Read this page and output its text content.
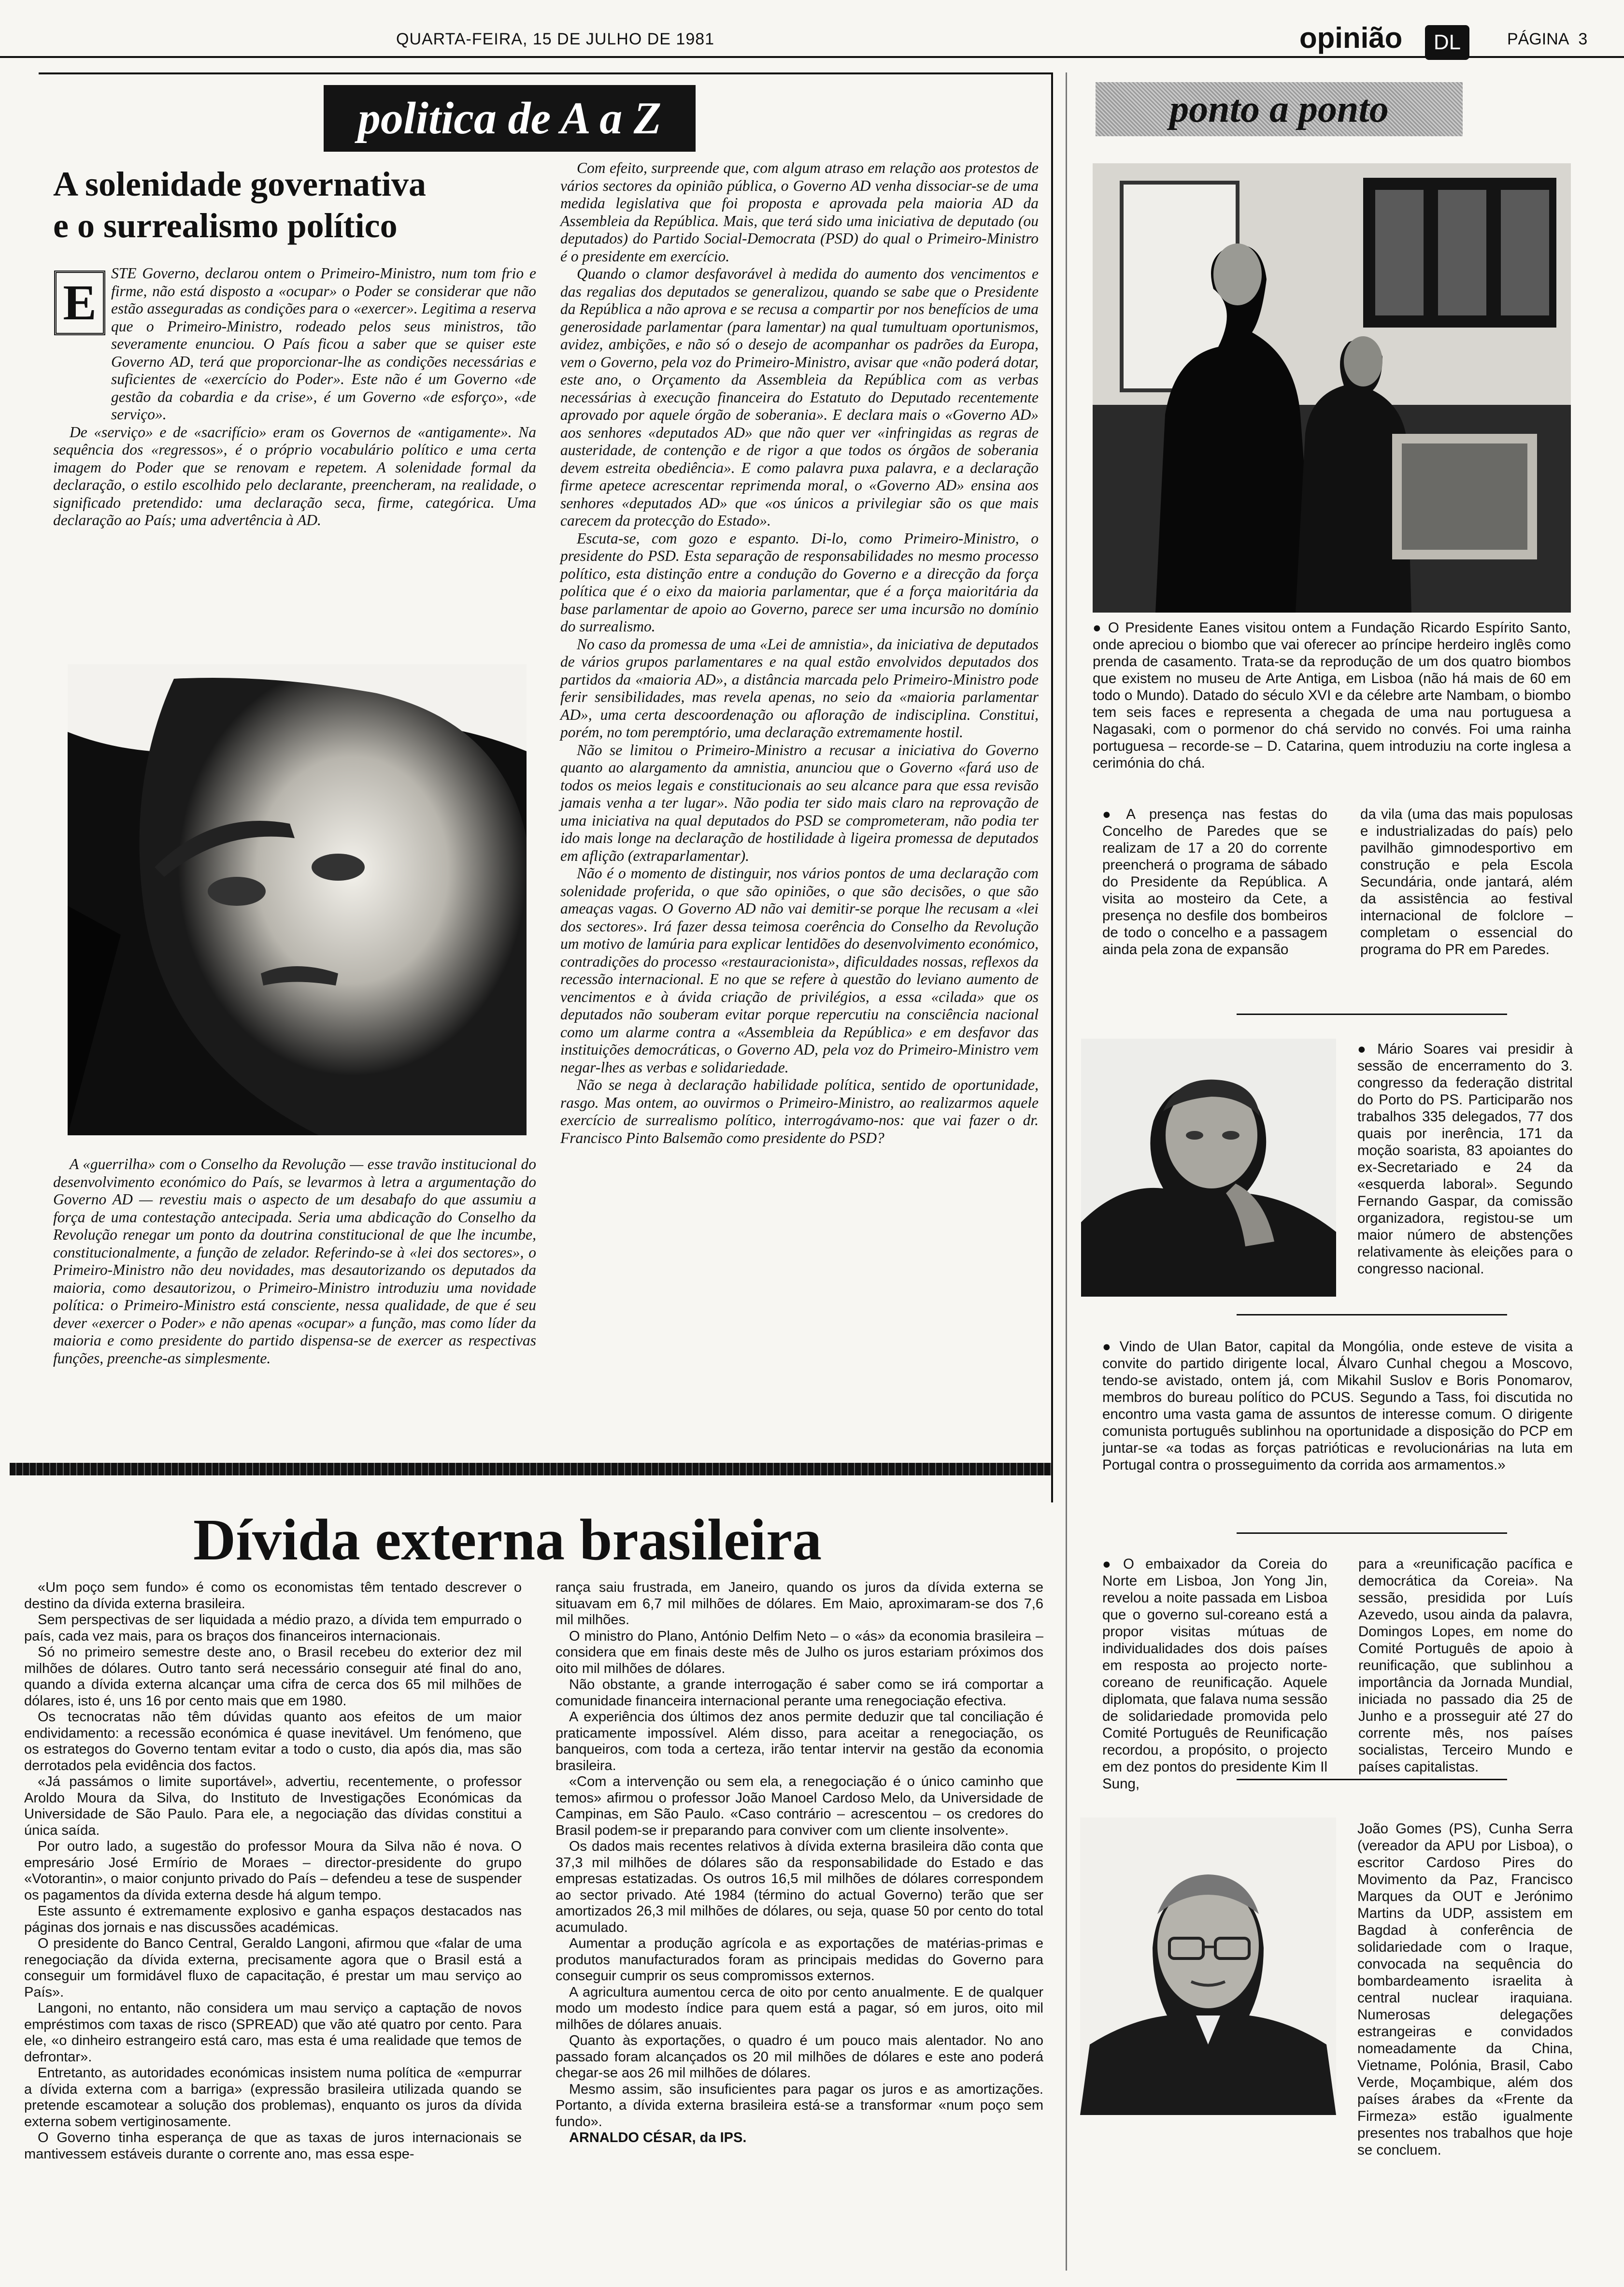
QUARTA-FEIRA, 15 DE JULHO DE 1981	opinião	DL	PÁGINA 3
politica de A a Z
A solenidade governativa
e o surrealismo político
E

STE Governo, declarou ontem o Primeiro-Ministro, num tom frio e firme, não está disposto a «ocupar» o Poder se considerar que não estão asseguradas as condições para o «exercer». Legitima a reserva que o Primeiro-Ministro, rodeado pelos seus ministros, tão severamente enunciou. O País ficou a saber que se quiser este Governo AD, terá que proporcionar-lhe as condições necessárias e suficientes de «exercício do Poder». Este não é um Governo «de gestão da cobardia e da crise», é um Governo «de esforço», «de serviço».

De «serviço» e de «sacrifício» eram os Governos de «antigamente». Na sequência dos «regressos», é o próprio vocabulário político e uma certa imagem do Poder que se renovam e repetem. A solenidade formal da declaração, o estilo escolhido pelo declarante, preencheram, na realidade, o significado pretendido: uma declaração seca, firme, categórica. Uma declaração ao País; uma advertência à AD.

A «guerrilha» com o Conselho da Revolução — esse travão institucional do desenvolvimento económico do País, se levarmos à letra a argumentação do Governo AD — revestiu mais o aspecto de um desabafo do que assumiu a força de uma contestação antecipada. Seria uma abdicação do Conselho da Revolução renegar um ponto da doutrina constitucional de que lhe incumbe, constitucionalmente, a função de zelador. Referindo-se à «lei dos sectores», o Primeiro-Ministro não deu novidades, mas desautorizando os deputados da maioria, como desautorizou, o Primeiro-Ministro introduziu uma novidade política: o Primeiro-Ministro está consciente, nessa qualidade, de que é seu dever «exercer o Poder» e não apenas «ocupar» a função, mas como líder da maioria e como presidente do partido dispensa-se de exercer as respectivas funções, preenche-as simplesmente.

Com efeito, surpreende que, com algum atraso em relação aos protestos de vários sectores da opinião pública, o Governo AD venha dissociar-se de uma medida legislativa que foi proposta e aprovada pela maioria AD da Assembleia da República. Mais, que terá sido uma iniciativa de deputado (ou deputados) do Partido Social-Democrata (PSD) do qual o Primeiro-Ministro é o presidente em exercício.

Quando o clamor desfavorável à medida do aumento dos vencimentos e das regalias dos deputados se generalizou, quando se sabe que o Presidente da República a não aprova e se recusa a compartir por nos benefícios de uma generosidade parlamentar (para lamentar) na qual tumultuam oportunismos, avidez, ambições, e não só o desejo de acompanhar os padrões da Europa, vem o Governo, pela voz do Primeiro-Ministro, avisar que «não poderá dotar, este ano, o Orçamento da Assembleia da República com as verbas necessárias à execução financeira do Estatuto do Deputado recentemente aprovado por aquele órgão de soberania». E declara mais o «Governo AD» aos senhores «deputados AD» que não quer ver «infringidas as regras de austeridade, de contenção e de rigor a que todos os órgãos de soberania devem estreita obediência». E como palavra puxa palavra, e a declaração firme apetece acrescentar reprimenda moral, o «Governo AD» ensina aos senhores «deputados AD» que «os únicos a privilegiar são os que mais carecem da protecção do Estado».

Escuta-se, com gozo e espanto. Di-lo, como Primeiro-Ministro, o presidente do PSD. Esta separação de responsabilidades no mesmo processo político, esta distinção entre a condução do Governo e a direcção da força política que é o eixo da maioria parlamentar, que é a força maioritária da base parlamentar de apoio ao Governo, parece ser uma incursão no domínio do surrealismo.

No caso da promessa de uma «Lei de amnistia», da iniciativa de deputados de vários grupos parlamentares e na qual estão envolvidos deputados dos partidos da «maioria AD», a distância marcada pelo Primeiro-Ministro pode ferir sensibilidades, mas revela apenas, no seio da «maioria parlamentar AD», uma certa descoordenação ou afloração de indisciplina. Constitui, porém, no tom peremptório, uma declaração extremamente hostil.

Não se limitou o Primeiro-Ministro a recusar a iniciativa do Governo quanto ao alargamento da amnistia, anunciou que o Governo «fará uso de todos os meios legais e constitucionais ao seu alcance para que essa revisão jamais venha a ter lugar». Não podia ter sido mais claro na reprovação de uma iniciativa na qual deputados do PSD se comprometeram, não podia ter ido mais longe na declaração de hostilidade à ligeira promessa de deputados em aflição (extraparlamentar).

Não é o momento de distinguir, nos vários pontos de uma declaração com solenidade proferida, o que são opiniões, o que são decisões, o que são ameaças vagas. O Governo AD não vai demitir-se porque lhe recusam a «lei dos sectores». Irá fazer dessa teimosa coerência do Conselho da Revolução um motivo de lamúria para explicar lentidões do desenvolvimento económico, contradições do processo «restauracionista», dificuldades nossas, reflexos da recessão internacional. E no que se refere à questão do leviano aumento de vencimentos e à ávida criação de privilégios, a essa «cilada» que os deputados não souberam evitar porque repercutiu na consciência nacional como um alarme contra a «Assembleia da República» e em desfavor das instituições democráticas, o Governo AD, pela voz do Primeiro-Ministro vem negar-lhes as verbas e solidariedade.

Não se nega à declaração habilidade política, sentido de oportunidade, rasgo. Mas ontem, ao ouvirmos o Primeiro-Ministro, ao realizarmos aquele exercício de surrealismo político, interrogávamo-nos: que vai fazer o dr. Francisco Pinto Balsemão como presidente do PSD?

ponto a ponto

● O Presidente Eanes visitou ontem a Fundação Ricardo Espírito Santo, onde apreciou o biombo que vai oferecer ao príncipe herdeiro inglês como prenda de casamento. Trata-se da reprodução de um dos quatro biombos que existem no museu de Arte Antiga, em Lisboa (não há mais de 60 em todo o Mundo). Datado do século XVI e da célebre arte Nambam, o biombo tem seis faces e representa a chegada de uma nau portuguesa a Nagasaki, com o pormenor do chá servido no convés. Foi uma rainha portuguesa – recorde-se – D. Catarina, quem introduziu na corte inglesa a cerimónia do chá.

● A presença nas festas do Concelho de Paredes que se realizam de 17 a 20 do corrente preencherá o programa de sábado do Presidente da República. A visita ao mosteiro da Cete, a presença no desfile dos bombeiros de todo o concelho e a passagem ainda pela zona de expansão

da vila (uma das mais populosas e industrializadas do país) pelo pavilhão gimnodesportivo em construção e pela Escola Secundária, onde jantará, além da assistência ao festival internacional de folclore – completam o essencial do programa do PR em Paredes.

● Mário Soares vai presidir à sessão de encerramento do 3. congresso da federação distrital do Porto do PS. Participarão nos trabalhos 335 delegados, 77 dos quais por inerência, 171 da moção soarista, 83 apoiantes do ex-Secretariado e 24 da «esquerda laboral». Segundo Fernando Gaspar, da comissão organizadora, registou-se um maior número de abstenções relativamente às eleições para o congresso nacional.

● Vindo de Ulan Bator, capital da Mongólia, onde esteve de visita a convite do partido dirigente local, Álvaro Cunhal chegou a Moscovo, tendo-se avistado, ontem já, com Mikahil Suslov e Boris Ponomarov, membros do bureau político do PCUS. Segundo a Tass, foi discutida no encontro uma vasta gama de assuntos de interesse comum. O dirigente comunista português sublinhou na oportunidade a disposição do PCP em juntar-se «a todas as forças patrióticas e revolucionárias na luta em Portugal contra o prosseguimento da corrida aos armamentos.»

● O embaixador da Coreia do Norte em Lisboa, Jon Yong Jin, revelou a noite passada em Lisboa que o governo sul-coreano está a propor visitas mútuas de individualidades dos dois países em resposta ao projecto norte-coreano de reunificação. Aquele diplomata, que falava numa sessão de solidariedade promovida pelo Comité Português de Reunificação recordou, a propósito, o projecto em dez pontos do presidente Kim Il Sung,

para a «reunificação pacífica e democrática da Coreia». Na sessão, presidida por Luís Azevedo, usou ainda da palavra, Domingos Lopes, em nome do Comité Português de apoio à reunificação, que sublinhou a importância da Jornada Mundial, iniciada no passado dia 25 de Junho e a prosseguir até 27 do corrente mês, nos países socialistas, Terceiro Mundo e países capitalistas.

João Gomes (PS), Cunha Serra (vereador da APU por Lisboa), o escritor Cardoso Pires do Movimento da Paz, Francisco Marques da OUT e Jerónimo Martins da UDP, assistem em Bagdad à conferência de solidariedade com o Iraque, convocada na sequência do bombardeamento israelita à central nuclear iraquiana. Numerosas delegações estrangeiras e convidados nomeadamente da China, Vietname, Polónia, Brasil, Cabo Verde, Moçambique, além dos países árabes da «Frente da Firmeza» estão igualmente presentes nos trabalhos que hoje se concluem.

Dívida externa brasileira

«Um poço sem fundo» é como os economistas têm tentado descrever o destino da dívida externa brasileira.

Sem perspectivas de ser liquidada a médio prazo, a dívida tem empurrado o país, cada vez mais, para os braços dos financeiros internacionais.

Só no primeiro semestre deste ano, o Brasil recebeu do exterior dez mil milhões de dólares. Outro tanto será necessário conseguir até final do ano, quando a dívida externa alcançar uma cifra de cerca dos 65 mil milhões de dólares, isto é, uns 16 por cento mais que em 1980.

Os tecnocratas não têm dúvidas quanto aos efeitos de um maior endividamento: a recessão económica é quase inevitável. Um fenómeno, que os estrategos do Governo tentam evitar a todo o custo, dia após dia, mas são derrotados pela evidência dos factos.

«Já passámos o limite suportável», advertiu, recentemente, o professor Aroldo Moura da Silva, do Instituto de Investigações Económicas da Universidade de São Paulo. Para ele, a negociação das dívidas constitui a única saída.

Por outro lado, a sugestão do professor Moura da Silva não é nova. O empresário José Ermírio de Moraes – director-presidente do grupo «Votorantin», o maior conjunto privado do País – defendeu a tese de suspender os pagamentos da dívida externa desde há algum tempo.

Este assunto é extremamente explosivo e ganha espaços destacados nas páginas dos jornais e nas discussões académicas.

O presidente do Banco Central, Geraldo Langoni, afirmou que «falar de uma renegociação da dívida externa, precisamente agora que o Brasil está a conseguir um formidável fluxo de capacitação, é prestar um mau serviço ao País».

Langoni, no entanto, não considera um mau serviço a captação de novos empréstimos com taxas de risco (SPREAD) que vão até quatro por cento. Para ele, «o dinheiro estrangeiro está caro, mas esta é uma realidade que temos de defrontar».

Entretanto, as autoridades económicas insistem numa política de «empurrar a dívida externa com a barriga» (expressão brasileira utilizada quando se pretende escamotear a solução dos problemas), enquanto os juros da dívida externa sobem vertiginosamente.

O Governo tinha esperança de que as taxas de juros internacionais se mantivessem estáveis durante o corrente ano, mas essa espe-

rança saiu frustrada, em Janeiro, quando os juros da dívida externa se situavam em 6,7 mil milhões de dólares. Em Maio, aproximaram-se dos 7,6 mil milhões.

O ministro do Plano, António Delfim Neto – o «ás» da economia brasileira – considera que em finais deste mês de Julho os juros estariam próximos dos oito mil milhões de dólares.

Não obstante, a grande interrogação é saber como se irá comportar a comunidade financeira internacional perante uma renegociação efectiva.

A experiência dos últimos dez anos permite deduzir que tal conciliação é praticamente impossível. Além disso, para aceitar a renegociação, os banqueiros, com toda a certeza, irão tentar intervir na gestão da economia brasileira.

«Com a intervenção ou sem ela, a renegociação é o único caminho que temos» afirmou o professor João Manoel Cardoso Melo, da Universidade de Campinas, em São Paulo. «Caso contrário – acrescentou – os credores do Brasil podem-se ir preparando para conviver com um cliente insolvente».

Os dados mais recentes relativos à dívida externa brasileira dão conta que 37,3 mil milhões de dólares são da responsabilidade do Estado e das empresas estatizadas. Os outros 16,5 mil milhões de dólares correspondem ao sector privado. Até 1984 (término do actual Governo) terão que ser amortizados 26,3 mil milhões de dólares, ou seja, quase 50 por cento do total acumulado.

Aumentar a produção agrícola e as exportações de matérias-primas e produtos manufacturados foram as principais medidas do Governo para conseguir cumprir os seus compromissos externos.

A agricultura aumentou cerca de oito por cento anualmente. E de qualquer modo um modesto índice para quem está a pagar, só em juros, oito mil milhões de dólares anuais.

Quanto às exportações, o quadro é um pouco mais alentador. No ano passado foram alcançados os 20 mil milhões de dólares e este ano poderá chegar-se aos 26 mil milhões de dólares.

Mesmo assim, são insuficientes para pagar os juros e as amortizações. Portanto, a dívida externa brasileira está-se a transformar «num poço sem fundo».

ARNALDO CÉSAR, da IPS.
